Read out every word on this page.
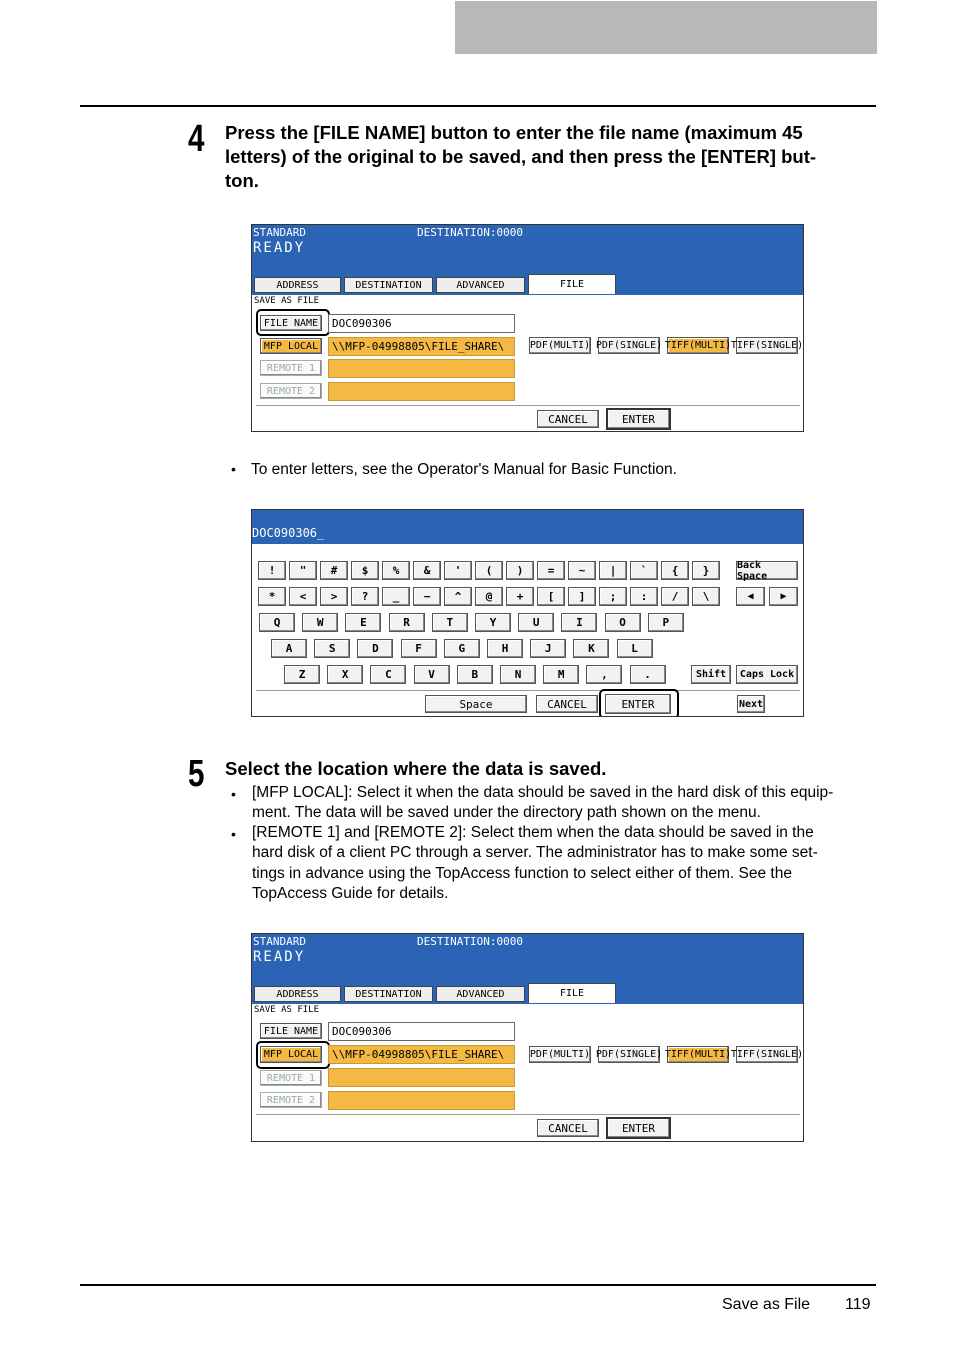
4 Press the [FILE NAME] button to enter the file name (maximum 45
letters) of the original to be saved, and then press the [ENTER] but-
ton.
STANDARD	DESTINATION:0000
READY
ADDRESS	DESTINATION	ADVANCED	FILE
SAVE AS FILE
FILE NAME	DOC090306
MFP LOCAL	\\MFP-04998805\FILE_SHARE\
REMOTE 1
REMOTE 2
PDF(MULTI) PDF(SINGLE) TIFF(MULTI) TIFF(SINGLE)
CANCEL	ENTER
• To enter letters, see the Operator's Manual for Basic Function.
DOC090306_
!	"	#	$	%	&	'	(	)	=	~	|	`	{	}
*	<	>	?	_	−	^	@	+	[	]	;	:	/	\
Q	W	E	R	T	Y	U	I	O	P
A	S	D	F	G	H	J	K	L
Z	X	C	V	B	N	M	,	.
Back Space
◀	▶
Shift	Caps Lock
Space	CANCEL	ENTER	Next
5 Select the location where the data is saved.
• [MFP LOCAL]: Select it when the data should be saved in the hard disk of this equip-
ment. The data will be saved under the directory path shown on the menu.
• [REMOTE 1] and [REMOTE 2]: Select them when the data should be saved in the
hard disk of a client PC through a server. The administrator has to make some set-
tings in advance using the TopAccess function to select either of them. See the
TopAccess Guide for details.
STANDARD	DESTINATION:0000
READY
ADDRESS	DESTINATION	ADVANCED	FILE
SAVE AS FILE
FILE NAME	DOC090306
MFP LOCAL	\\MFP-04998805\FILE_SHARE\
REMOTE 1
REMOTE 2
PDF(MULTI) PDF(SINGLE) TIFF(MULTI) TIFF(SINGLE)
CANCEL	ENTER
Save as File 119
